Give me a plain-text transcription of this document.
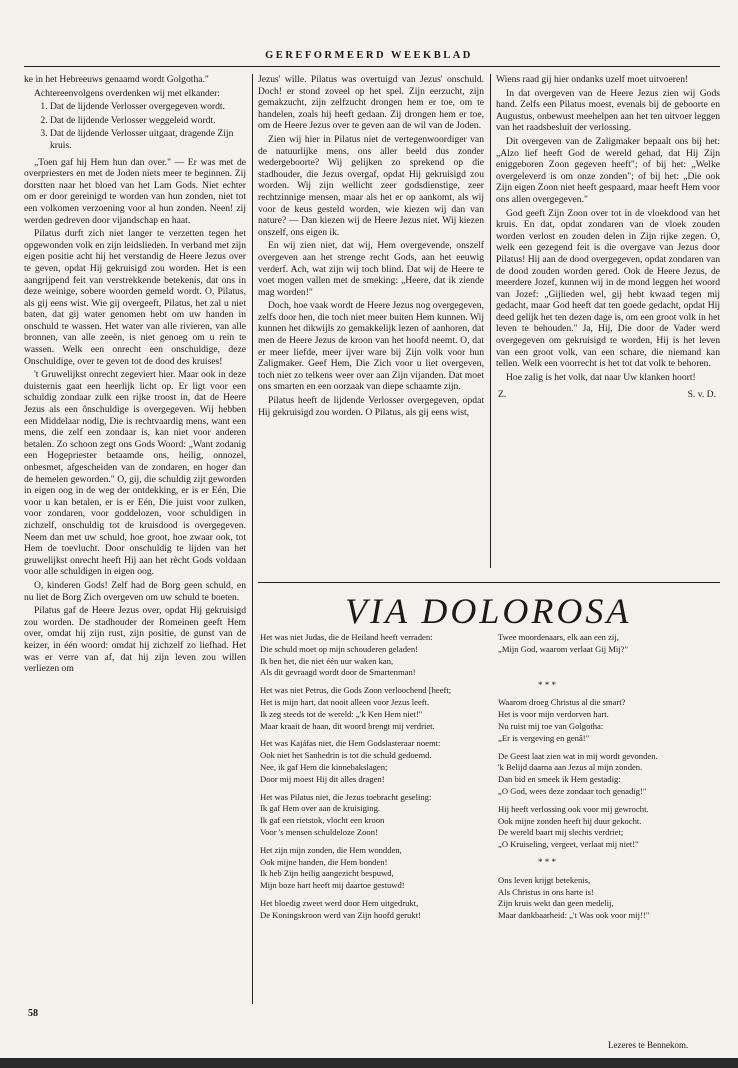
GEREFORMEERD WEEKBLAD

ke in het Hebreeuws genaamd wordt Golgotha."

Achtereenvolgens overdenken wij met elkander:

1. Dat de lijdende Verlosser overgegeven wordt.
2. Dat de lijdende Verlosser weggeleid wordt.
3. Dat de lijdende Verlosser uitgaat, dragende Zijn kruis.

„Toen gaf hij Hem hun dan over." — Er was met de overpriesters en met de Joden niets meer te beginnen. Zij dorstten naar het bloed van het Lam Gods. Niet echter om er door gereinigd te worden van hun zonden, niet tot een volkomen verzoening voor al hun zonden. Neen! zij werden gedreven door vijandschap en haat.

Pilatus durft zich niet langer te verzetten tegen het opgewonden volk en zijn leidslieden. In verband met zijn eigen positie acht hij het verstandig de Heere Jezus over te geven, opdat Hij gekruisigd zou worden. Het is een aangrijpend feit van verstrekkende betekenis, dat ons in deze weinige, sobere woorden gemeld wordt. O, Pilatus, als gij eens wist. Wie gij overgeeft, Pilatus, het zal u niet baten, dat gij water genomen hebt om uw handen in onschuld te wassen. Het water van alle rivieren, van alle bronnen, van alle zeeën, is niet genoeg om u rein te wassen. Welk een onrecht een onschuldige, deze Onschuldige, over te geven tot de dood des kruises!

't Gruwelijkst onrecht zegeviert hier. Maar ook in deze duisternis gaat een heerlijk licht op. Er ligt voor een schuldig zondaar zulk een rijke troost in, dat de Heere Jezus als een ônschuldige is overgegeven. Wij hebben een Middelaar nodig, Die is rechtvaardig mens, want een mens, die zelf een zondaar is, kan niet voor anderen betalen. Zo schoon zegt ons Gods Woord: „Want zodanig een Hogepriester betaamde ons, heilig, onnozel, onbesmet, afgescheiden van de zondaren, en hoger dan de hemelen geworden." O, gij, die schuldig zijt geworden in eigen oog in de weg der ontdekking, er is er Eén, Die voor u kan betalen, er is er Eén, Die juist voor zulken, voor zondaren, voor goddelozen, voor schuldigen in zichzelf, onschuldig tot de kruisdood is overgegeven. Neem dan met uw schuld, hoe groot, hoe zwaar ook, tot Hem de toevlucht. Door onschuldig te lijden van het gruwelijkst onrecht heeft Hij aan het rècht Gods voldaan voor alle schuldigen in eigen oog.

O, kinderen Gods! Zelf had de Borg geen schuld, en nu liet de Borg Zich overgeven om uw schuld te boeten.

Pilatus gaf de Heere Jezus over, opdat Hij gekruisigd zou worden. De stadhouder der Romeinen geeft Hem over, omdat hij zijn rust, zijn positie, de gunst van de keizer, in één woord: omdat hij zichzelf zo liefhad. Het was er verre van af, dat hij zijn leven zou willen verliezen om

Jezus' wille. Pilatus was overtuigd van Jezus' onschuld. Doch! er stond zoveel op het spel. Zijn eerzucht, zijn gemakzucht, zijn zelfzucht drongen hem er toe, om te handelen, zoals hij heeft gedaan. Zij drongen hem er toe, om de Heere Jezus over te geven aan de wil van de Joden.

Zien wij hier in Pilatus niet de vertegenwoordiger van de natuurlijke mens, ons aller beeld dus zonder wedergeboorte? Wij gelijken zo sprekend op die stadhouder, die Jezus overgaf, opdat Hij gekruisigd zou worden. Wij zijn wellicht zeer godsdienstige, zeer rechtzinnige mensen, maar als het er op aankomt, als wij voor de keus gesteld worden, wie kiezen wij dan van nature? — Dan kiezen wij de Heere Jezus niet. Wij kiezen onszelf, ons eigen ik.

En wij zien niet, dat wij, Hem overgevende, onszelf overgeven aan het strenge recht Gods, aan het eeuwig verderf. Ach, wat zijn wij toch blind. Dat wij de Heere te voet mogen vallen met de smeking: „Heere, dat ik ziende mag worden!"

Doch, hoe vaak wordt de Heere Jezus nog overgegeven, zelfs door hen, die toch niet meer buiten Hem kunnen. Wij kunnen het dikwijls zo gemakkelijk lezen of aanhoren, dat men de Heere Jezus de kroon van het hoofd neemt. O, dat er meer liefde, meer ijver ware bij Zijn volk voor hun Zaligmaker. Geef Hem, Die Zich voor u liet overgeven, toch niet zo telkens weer over aan Zijn vijanden. Dat moet ons smarten en een oorzaak van diepe schaamte zijn.

Pilatus heeft de lijdende Verlosser overgegeven, opdat Hij gekruisigd zou worden. O Pilatus, als gij eens wist,

Wiens raad gij hier ondanks uzelf moet uitvoeren!

In dat overgeven van de Heere Jezus zien wij Gods hand. Zelfs een Pilatus moest, evenals bij de geboorte en Augustus, onbewust meehelpen aan het ten uitvoer leggen van het raadsbesluit der verlossing.

Dit overgeven van de Zaligmaker bepaalt ons bij het: „Alzo lief heeft God de wereld gehad, dat Hij Zijn eniggeboren Zoon gegeven heeft"; of bij het: „Welke overgeleverd is om onze zonden"; of bij het: „Die ook Zijn eigen Zoon niet heeft gespaard, maar heeft Hem voor ons allen overgegeven."

God geeft Zijn Zoon over tot in de vloekdood van het kruis. En dat, opdat zondaren van de vloek zouden worden verlost en zouden delen in Zijn rijke zegen. O, welk een gezegend feit is die overgave van Jezus door Pilatus! Hij aan de dood overgegeven, opdat zondaren van de dood zouden worden gered. Ook de Heere Jezus, de meerdere Jozef, kunnen wij in de mond leggen het woord van Jozef: „Gijlieden wel, gij hebt kwaad tegen mij gedacht, maar God heeft dat ten goede gedacht, opdat Hij deed gelijk het ten dezen dage is, om een groot volk in het leven te behouden." Ja, Hij, Die door de Vader werd overgegeven om gekruisigd te worden, Hij is het leven van een groot volk, van een schare, die niemand kan tellen. Welk een voorrecht is het tot dat volk te behoren.

Hoe zalig is het volk, dat naar Uw klanken hoort!

Z.	S. v. D.
VIA DOLOROSA
Het was niet Judas, die de Heiland heeft verraden:
Die schuld moet op mijn schouderen geladen!
Ik ben het, die niet één uur waken kan,
Als dit gevraagd wordt door de Smartenman!
Het was niet Petrus, die Gods Zoon verloochend [heeft;
Het is mijn hart, dat nooit alleen voor Jezus leeft.
Ik zeg steeds tot de wereld: „'k Ken Hem niet!"
Maar kraait de haan, dit woord brengt mij verdriet.
Het was Kajáfas niet, die Hem Godslasteraar noemt:
Ook niet het Sanhedrin is tot die schuld gedoemd.
Nee, ik gaf Hem die kinnebakslagen;
Door mij moest Hij dit alles dragen!
Het was Pilatus niet, die Jezus toebracht geseling:
Ik gaf Hem over aan de kruisiging.
Ik gaf een rietstok, vlocht een kroon
Voor 's mensen schuldeloze Zoon!
Het zijn mijn zonden, die Hem wondden,
Ook mijne handen, die Hem bonden!
Ik heb Zijn heilig aangezicht bespuwd,
Mijn boze hart heeft mij daartoe gestuwd!
Het bloedig zweet werd door Hem uitgedrukt,
De Koningskroon werd van Zijn hoofd gerukt!
Twee moordenaars, elk aan een zij,
„Mijn God, waarom verlaat Gij Mij?"
* * *
Waarom droeg Christus al die smart?
Het is voor mijn verdorven hart.
Nu ruist mij toe van Golgotha:
„Er is vergeving en genâ!"
De Geest laat zien wat in mij wordt gevonden.
'k Belijd daarna aan Jezus al mijn zonden.
Dan bid en smeek ik Hem gestadig:
„O God, wees deze zondaar toch genadig!"
Hij heeft verlossing ook voor mij gewrocht.
Ook mijne zonden heeft hij duur gekocht.
De wereld baart mij slechts verdriet;
„O Kruiseling, vergeet, verlaat mij niet!"
* * *
Ons leven krijgt betekenis,
Als Christus in ons harte is!
Zijn kruis wekt dan geen medelij,
Maar dankbaarheid: „'t Was ook voor mij!!"
Lezeres te Bennekom.
58
